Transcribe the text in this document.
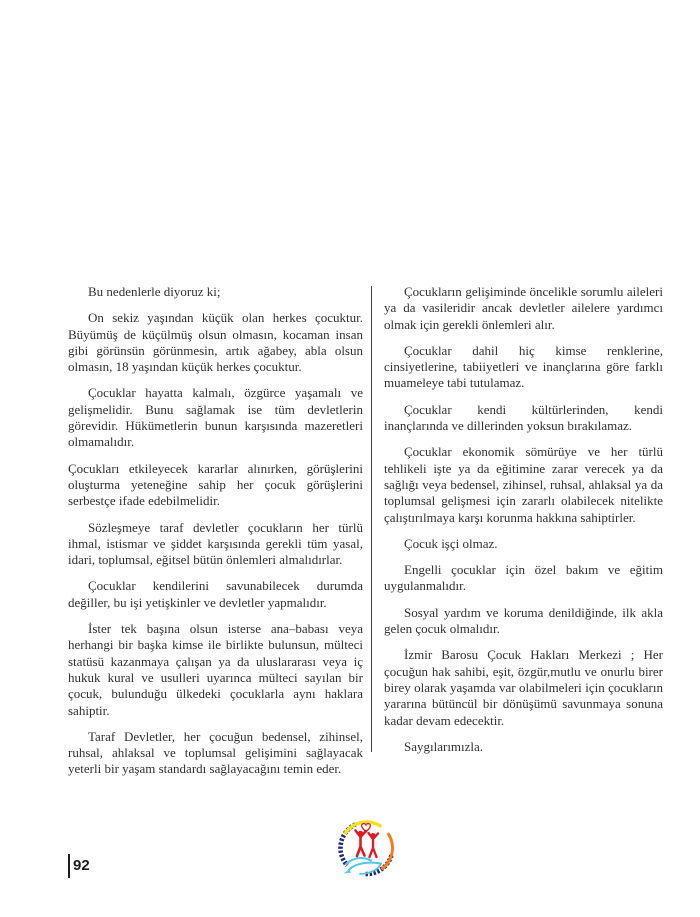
Bu nedenlerle diyoruz ki;

On sekiz yaşından küçük olan herkes çocuktur. Büyümüş de küçülmüş olsun olmasın, kocaman insan gibi görünsün görünmesin, artık ağabey, abla olsun olmasın, 18 yaşından küçük herkes çocuktur.

Çocuklar hayatta kalmalı, özgürce yaşamalı ve gelişmelidir. Bunu sağlamak ise tüm devletlerin görevidir. Hükümetlerin bunun karşısında mazeretleri olmamalıdır.

Çocukları etkileyecek kararlar alınırken, görüşlerini oluşturma yeteneğine sahip her çocuk görüşlerini serbestçe ifade edebilmelidir.

Sözleşmeye taraf devletler çocukların her türlü ihmal, istismar ve şiddet karşısında gerekli tüm yasal, idari, toplumsal, eğitsel bütün önlemleri almalıdırlar.

Çocuklar kendilerini savunabilecek durumda değiller, bu işi yetişkinler ve devletler yapmalıdır.

İster tek başına olsun isterse ana–babası veya herhangi bir başka kimse ile birlikte bulunsun, mülteci statüsü kazanmaya çalışan ya da uluslararası veya iç hukuk kural ve usulleri uyarınca mülteci sayılan bir çocuk, bulunduğu ülkedeki çocuklarla aynı haklara sahiptir.

Taraf Devletler, her çocuğun bedensel, zihinsel, ruhsal, ahlaksal ve toplumsal gelişimini sağlayacak yeterli bir yaşam standardı sağlayacağını temin eder.

Çocukların gelişiminde öncelikle sorumlu aileleri ya da vasileridir ancak devletler ailelere yardımcı olmak için gerekli önlemleri alır.

Çocuklar dahil hiç kimse renklerine, cinsiyetlerine, tabiiyetleri ve inançlarına göre farklı muameleye tabi tutulamaz.

Çocuklar kendi kültürlerinden, kendi inançlarında ve dillerinden yoksun bırakılamaz.

Çocuklar ekonomik sömürüye ve her türlü tehlikeli işte ya da eğitimine zarar verecek ya da sağlığı veya bedensel, zihinsel, ruhsal, ahlaksal ya da toplumsal gelişmesi için zararlı olabilecek nitelikte çalıştırılmaya karşı korunma hakkına sahiptirler.

Çocuk işçi olmaz.

Engelli çocuklar için özel bakım ve eğitim uygulanmalıdır.

Sosyal yardım ve koruma denildiğinde, ilk akla gelen çocuk olmalıdır.

İzmir Barosu Çocuk Hakları Merkezi ; Her çocuğun hak sahibi, eşit, özgür,mutlu ve onurlu birer birey olarak yaşamda var olabilmeleri için çocukların yararına bütüncül bir dönüşümü savunmaya sonuna kadar devam edecektir.

Saygılarımızla.

92
